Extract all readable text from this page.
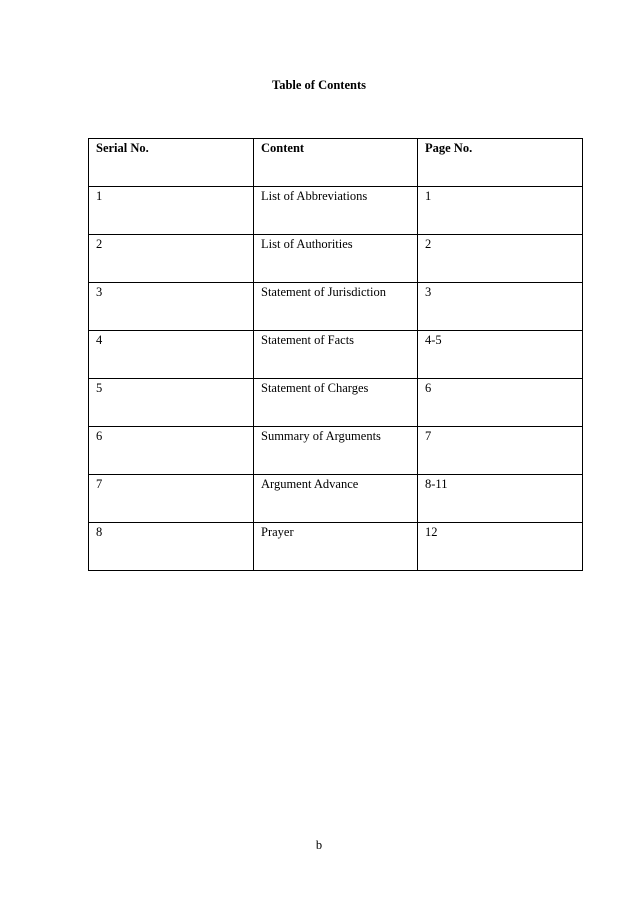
Table of Contents
Serial No.	Content	Page No.
1	List of Abbreviations	1
2	List of Authorities	2
3	Statement of Jurisdiction	3
4	Statement of Facts	4-5
5	Statement of Charges	6
6	Summary of Arguments	7
7	Argument Advance	8-11
8	Prayer	12
b
